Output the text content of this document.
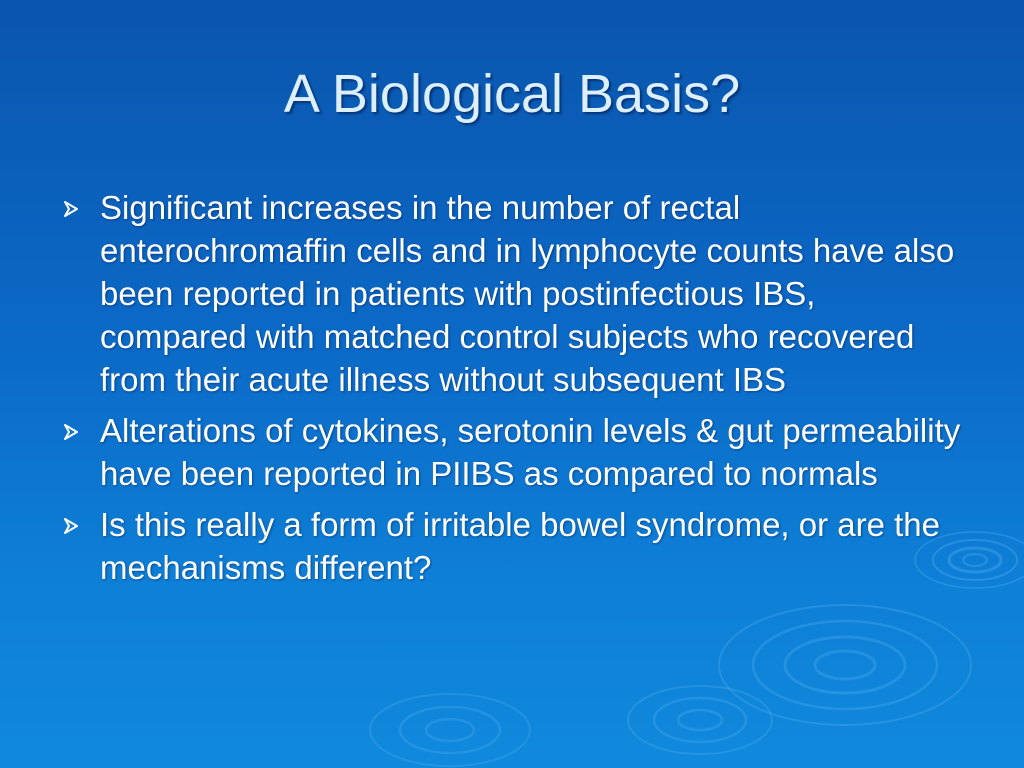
A Biological Basis?
Significant increases in the number of rectal enterochromaffin cells and in lymphocyte counts have also been reported in patients with postinfectious IBS, compared with matched control subjects who recovered from their acute illness without subsequent IBS
Alterations of cytokines, serotonin levels & gut permeability have been reported in PIIBS as compared to normals
Is this really a form of irritable bowel syndrome, or are the mechanisms different?
